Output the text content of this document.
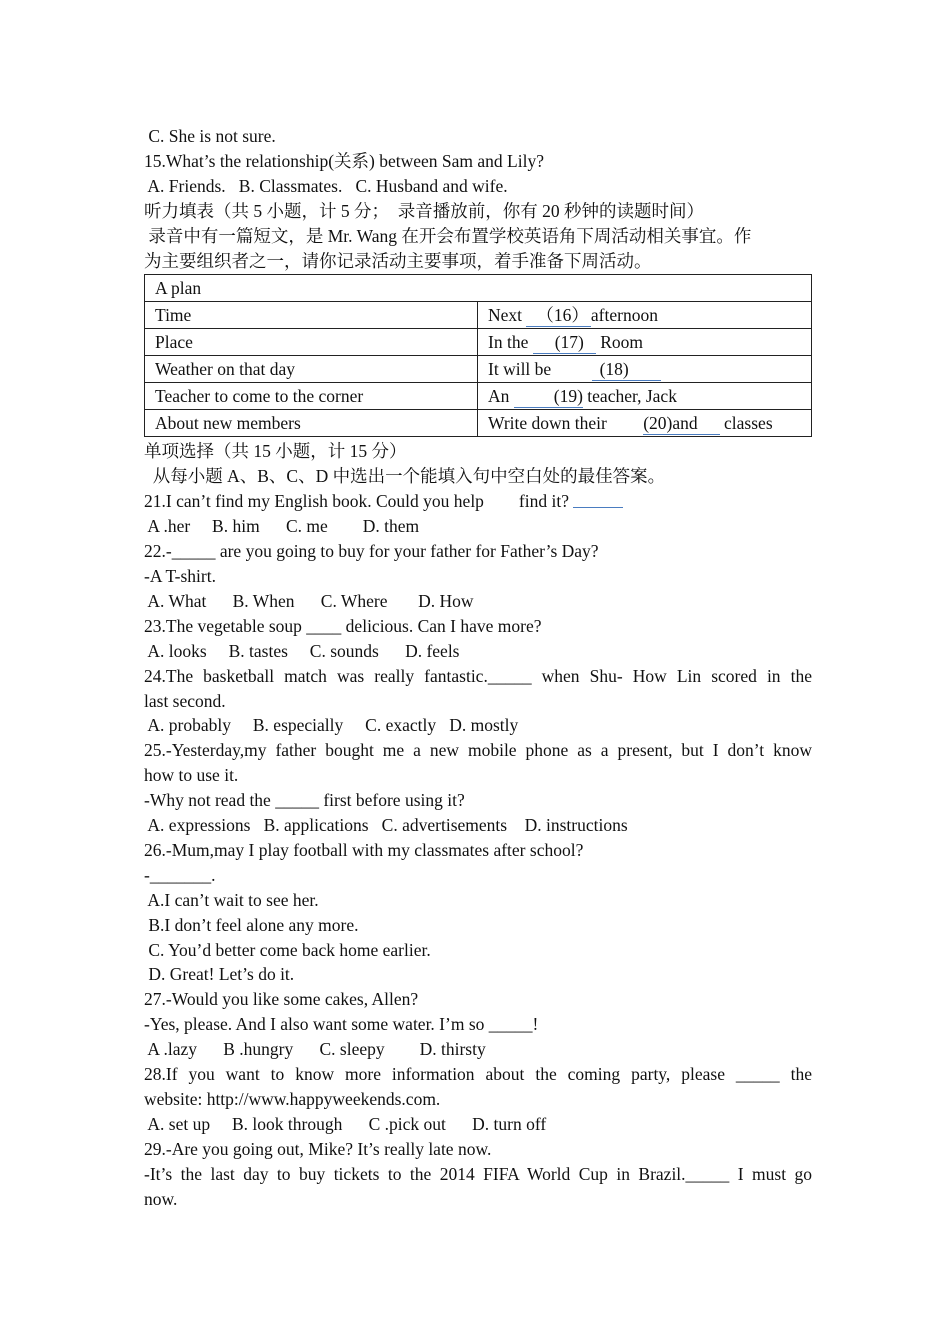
C. She is not sure.
15.What’s the relationship(关系) between Sam and Lily?
A. Friends.   B. Classmates.   C. Husband and wife.
听力填表（共 5 小题，计 5 分；  录音播放前，你有 20 秒钟的读题时间）
录音中有一篇短文，是 Mr. Wang 在开会布置学校英语角下周活动相关事宜。作
为主要组织者之一，请你记录活动主要事项，着手准备下周活动。
A plan	
Time	Next （16） afternoon
Place	In the (17) Room
Weather on that day	It will be (18)
Teacher to come to the corner	An (19) teacher, Jack
About new members	Write down their (20)and classes
单项选择（共 15 小题，计 15 分）
从每小题 A、B、C、D 中选出一个能填入句中空白处的最佳答案。
21.I can’t find my English book. Could you help        find it?
A .her     B. him      C. me        D. them
22.-_____ are you going to buy for your father for Father’s Day?
-A T-shirt.
A. What      B. When      C. Where       D. How
23.The vegetable soup ____ delicious. Can I have more?
A. looks     B. tastes     C. sounds      D. feels
24.The basketball match was really fantastic._____ when Shu- How Lin scored in the
last second.
A. probably     B. especially     C. exactly   D. mostly
25.-Yesterday,my father bought me a new mobile phone as a present, but I don’t know
how to use it.
-Why not read the _____ first before using it?
A. expressions   B. applications   C. advertisements    D. instructions
26.-Mum,may I play football with my classmates after school?
-_______.
A.I can’t wait to see her.
B.I don’t feel alone any more.
C. You’d better come back home earlier.
D. Great! Let’s do it.
27.-Would you like some cakes, Allen?
-Yes, please. And I also want some water. I’m so _____!
A .lazy      B .hungry      C. sleepy        D. thirsty
28.If you want to know more information about the coming party, please _____ the
website: http://www.happyweekends.com.
A. set up     B. look through      C .pick out      D. turn off
29.-Are you going out, Mike? It’s really late now.
-It’s the last day to buy tickets to the 2014 FIFA World Cup in Brazil._____ I must go
now.
